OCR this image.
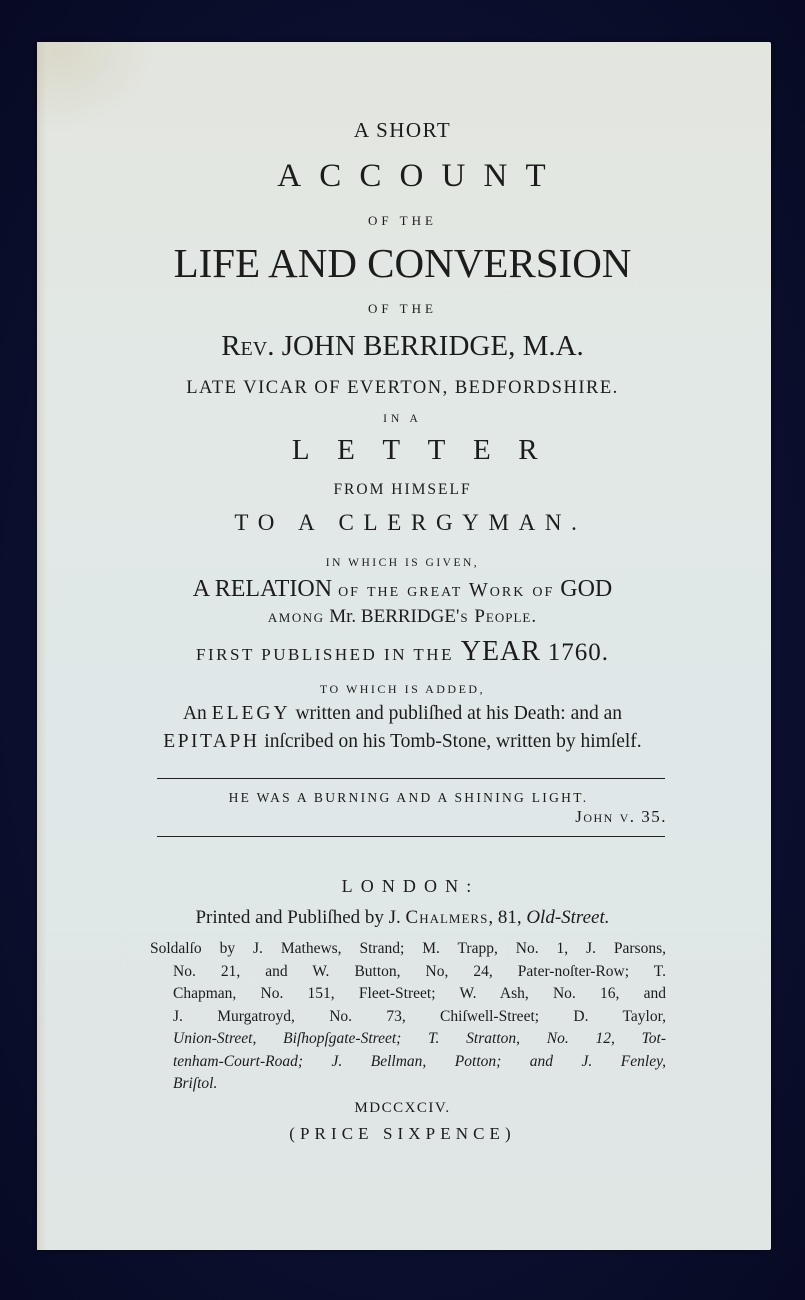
A SHORT
ACCOUNT
OF THE
LIFE AND CONVERSION
OF THE
Rev. JOHN BERRIDGE, M.A.
LATE VICAR OF EVERTON, BEDFORDSHIRE.
IN A
LETTER
FROM HIMSELF
TO A CLERGYMAN.
IN WHICH IS GIVEN,
A RELATION of the great Work of GOD
among Mr. BERRIDGE's People.
FIRST PUBLISHED IN THE YEAR 1760.
TO WHICH IS ADDED,
An ELEGY written and publiſhed at his Death: and an
EPITAPH inſcribed on his Tomb-Stone, written by himſelf.
HE WAS A BURNING AND A SHINING LIGHT.
John v. 35.
LONDON:
Printed and Publiſhed by J. Chalmers, 81, Old-Street.
Soldalſo by J. Mathews, Strand; M. Trapp, No. 1, J. Parsons,
No. 21, and W. Button, No, 24, Pater-noſter-Row; T.
Chapman, No. 151, Fleet-Street; W. Ash, No. 16, and
J. Murgatroyd, No. 73, Chiſwell-Street; D. Taylor,
Union-Street, Biſhopſgate-Street; T. Stratton, No. 12, Tot-
tenham-Court-Road; J. Bellman, Potton; and J. Fenley,
Briſtol.
MDCCXCIV.
(PRICE SIXPENCE)
